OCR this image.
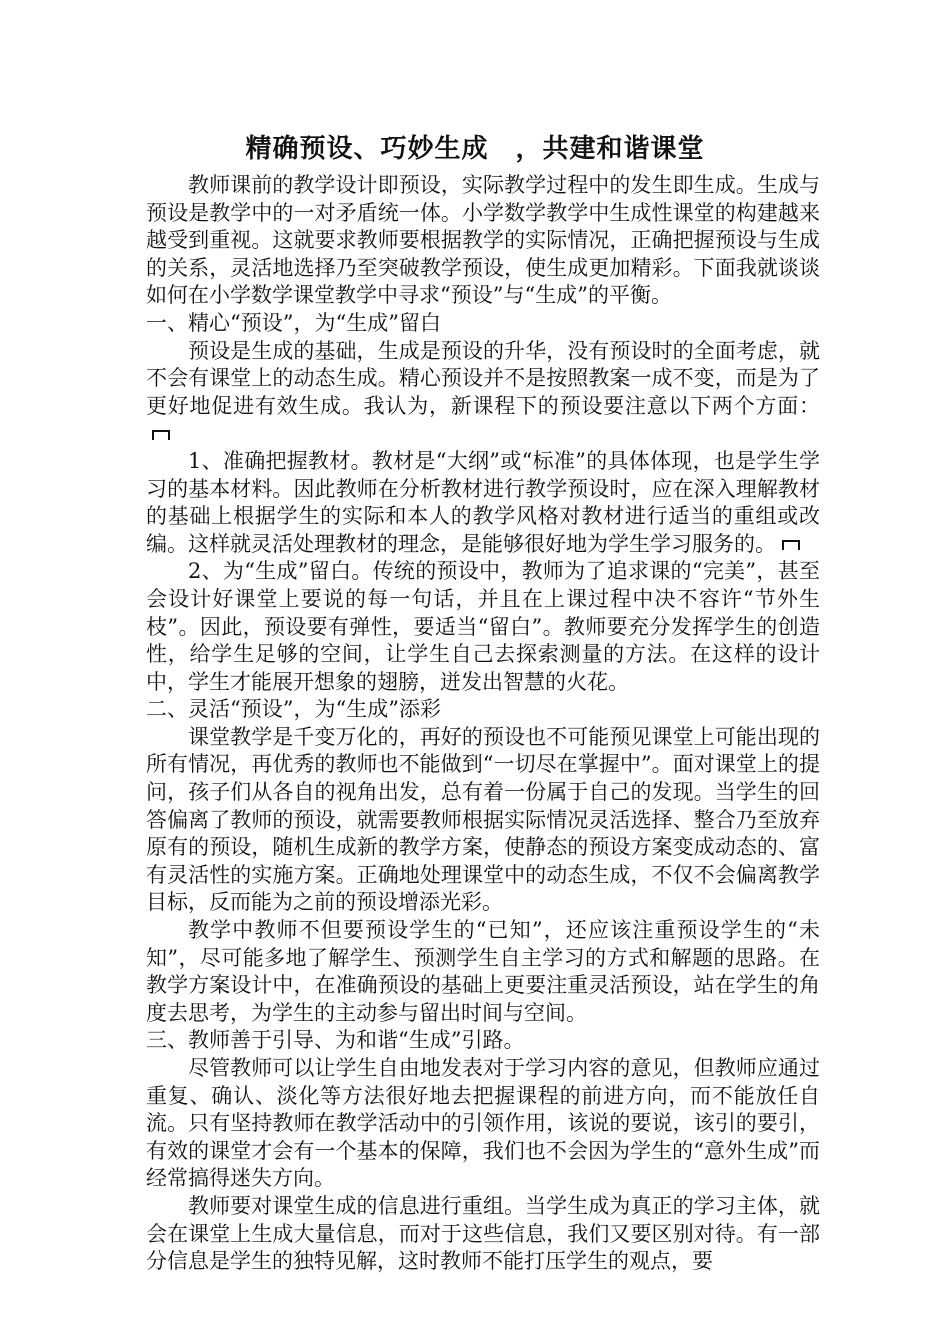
精确预设、巧妙生成　，共建和谐课堂

教师课前的教学设计即预设，实际教学过程中的发生即生成。生成与预设是教学中的一对矛盾统一体。小学数学教学中生成性课堂的构建越来越受到重视。这就要求教师要根据教学的实际情况，正确把握预设与生成的关系，灵活地选择乃至突破教学预设，使生成更加精彩。下面我就谈谈如何在小学数学课堂教学中寻求“预设”与“生成”的平衡。

一、精心“预设”，为“生成”留白

预设是生成的基础，生成是预设的升华，没有预设时的全面考虑，就不会有课堂上的动态生成。精心预设并不是按照教案一成不变，而是为了更好地促进有效生成。我认为，新课程下的预设要注意以下两个方面：

1、准确把握教材。教材是“大纲”或“标准”的具体体现，也是学生学习的基本材料。因此教师在分析教材进行教学预设时，应在深入理解教材的基础上根据学生的实际和本人的教学风格对教材进行适当的重组或改编。这样就灵活处理教材的理念，是能够很好地为学生学习服务的。

2、为“生成”留白。传统的预设中，教师为了追求课的“完美”，甚至会设计好课堂上要说的每一句话，并且在上课过程中决不容许“节外生枝”。因此，预设要有弹性，要适当“留白”。教师要充分发挥学生的创造性，给学生足够的空间，让学生自己去探索测量的方法。在这样的设计中，学生才能展开想象的翅膀，迸发出智慧的火花。

二、灵活“预设”，为“生成”添彩

课堂教学是千变万化的，再好的预设也不可能预见课堂上可能出现的所有情况，再优秀的教师也不能做到“一切尽在掌握中”。面对课堂上的提问，孩子们从各自的视角出发，总有着一份属于自己的发现。当学生的回答偏离了教师的预设，就需要教师根据实际情况灵活选择、整合乃至放弃原有的预设，随机生成新的教学方案，使静态的预设方案变成动态的、富有灵活性的实施方案。正确地处理课堂中的动态生成，不仅不会偏离教学目标，反而能为之前的预设增添光彩。

教学中教师不但要预设学生的“已知”，还应该注重预设学生的“未知”，尽可能多地了解学生、预测学生自主学习的方式和解题的思路。在教学方案设计中，在准确预设的基础上更要注重灵活预设，站在学生的角度去思考，为学生的主动参与留出时间与空间。

三、教师善于引导、为和谐“生成”引路。

尽管教师可以让学生自由地发表对于学习内容的意见，但教师应通过重复、确认、淡化等方法很好地去把握课程的前进方向，而不能放任自流。只有坚持教师在教学活动中的引领作用，该说的要说，该引的要引，有效的课堂才会有一个基本的保障，我们也不会因为学生的“意外生成”而经常搞得迷失方向。

教师要对课堂生成的信息进行重组。当学生成为真正的学习主体，就会在课堂上生成大量信息，而对于这些信息，我们又要区别对待。有一部分信息是学生的独特见解，这时教师不能打压学生的观点，要
